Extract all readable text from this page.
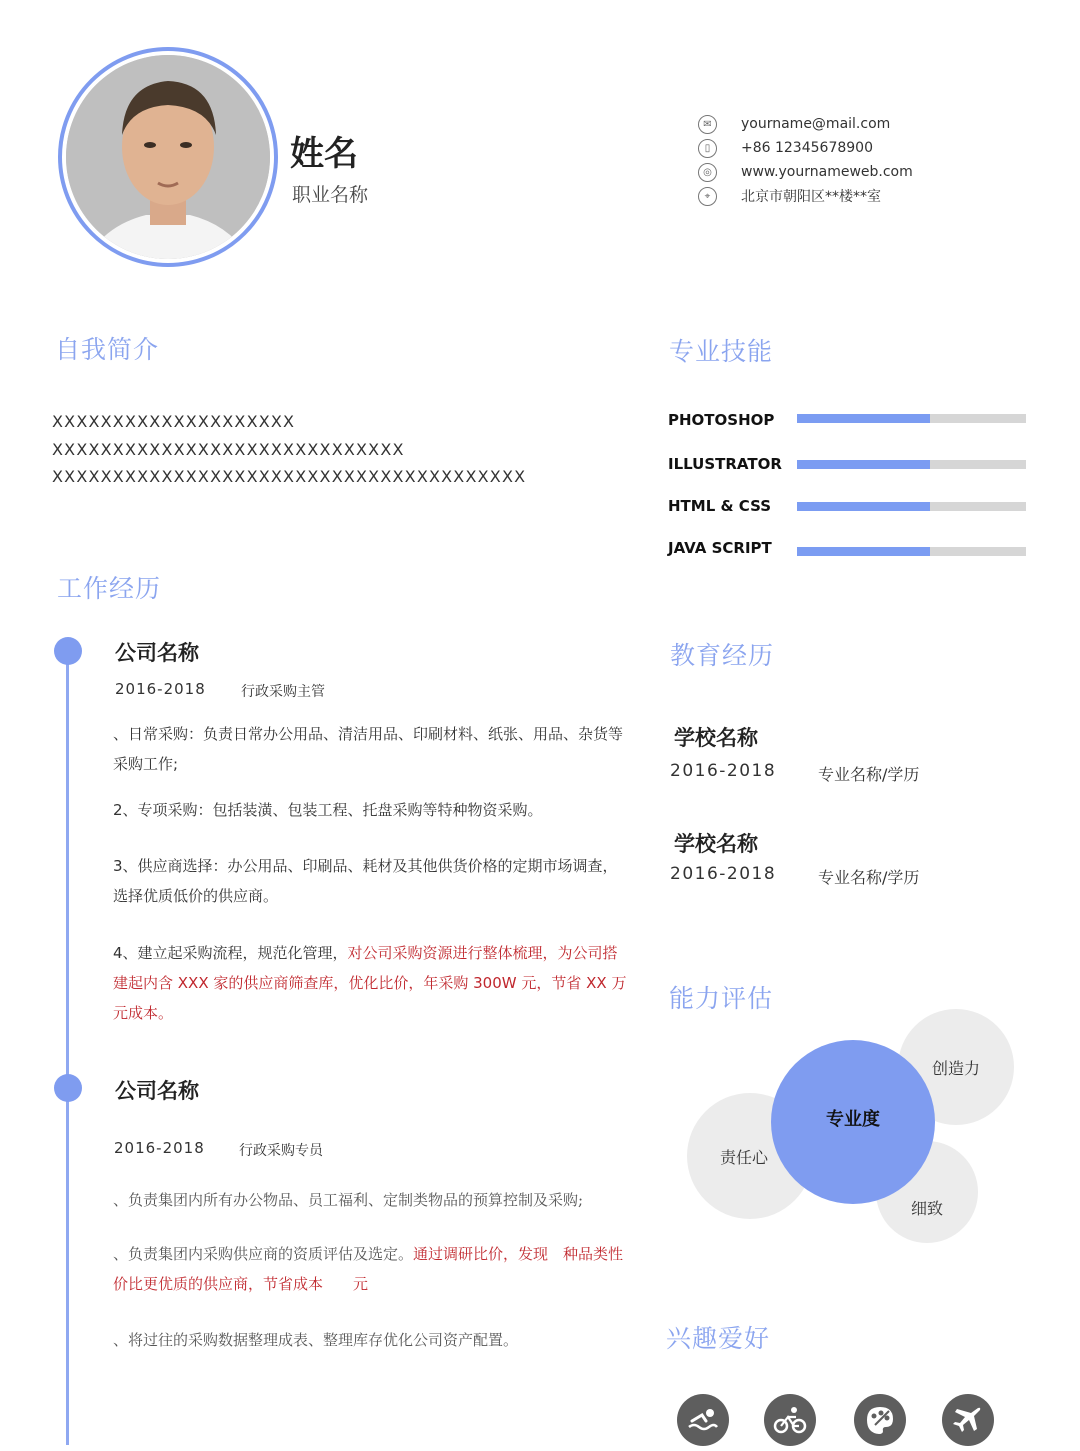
姓名
职业名称
✉	yourname@mail.com
▯	+86 12345678900
◎	www.yournameweb.com
⌖	北京市朝阳区**楼**室
自我简介
XXXXXXXXXXXXXXXXXXXX
XXXXXXXXXXXXXXXXXXXXXXXXXXXXX
XXXXXXXXXXXXXXXXXXXXXXXXXXXXXXXXXXXXXXX
专业技能
PHOTOSHOP
ILLUSTRATOR
HTML & CSS
JAVA SCRIPT
工作经历
公司名称
2016-2018	行政采购主管
、日常采购：负责日常办公用品、清洁用品、印刷材料、纸张、用品、杂货等采购工作;
2、专项采购：包括装潢、包装工程、托盘采购等特种物资采购。
3、供应商选择：办公用品、印刷品、耗材及其他供货价格的定期市场调查，选择优质低价的供应商。
4、建立起采购流程，规范化管理，对公司采购资源进行整体梳理，为公司搭建起内含 XXX 家的供应商筛查库，优化比价，年采购 300W 元，节省 XX 万元成本。
公司名称
2016-2018 行政采购专员
、负责集团内所有办公物品、员工福利、定制类物品的预算控制及采购;
、负责集团内采购供应商的资质评估及选定。通过调研比价，发现　种品类性价比更优质的供应商，节省成本　　元
、将过往的采购数据整理成表、整理库存优化公司资产配置。
教育经历
学校名称
2016-2018	专业名称/学历
学校名称
2016-2018	专业名称/学历
能力评估
创造力
责任心
细致
专业度
兴趣爱好
